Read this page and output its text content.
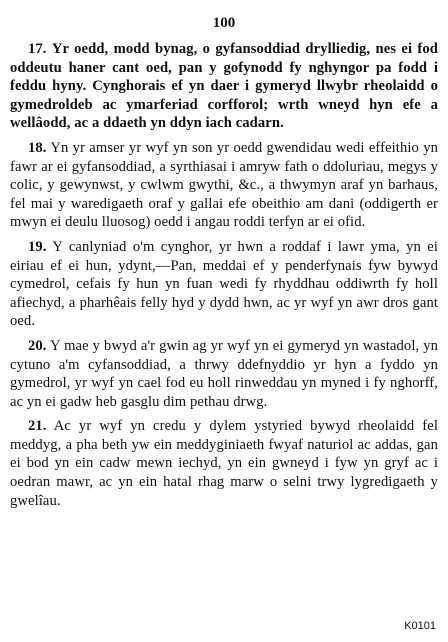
100

17. Yr oedd, modd bynag, o gyfansoddiad drylliedig, nes ei fod oddeutu haner cant oed, pan y gofynodd fy nghyngor pa fodd i feddu hyny. Cynghorais ef yn daer i gymeryd llwybr rheolaidd o gymedroldeb ac ymarferiad corfforol; wrth wneyd hyn efe a wellâodd, ac a ddaeth yn ddyn iach cadarn.

18. Yn yr amser yr wyf yn son yr oedd gwendidau wedi effeithio yn fawr ar ei gyfansoddiad, a syrthiasai i amryw fath o ddoluriau, megys y colic, y gewynwst, y cwlwm gwythi, &c., a thwymyn araf yn barhaus, fel mai y waredigaeth oraf y gallai efe obeithio am dani (oddigerth er mwyn ei deulu lluosog) oedd i angau roddi terfyn ar ei ofid.

19. Y canlyniad o'm cynghor, yr hwn a roddaf i lawr yma, yn ei eiriau ef ei hun, ydynt,—Pan, meddai ef y penderfynais fyw bywyd cymedrol, cefais fy hun yn fuan wedi fy rhyddhau oddiwrth fy holl afiechyd, a pharhêais felly hyd y dydd hwn, ac yr wyf yn awr dros gant oed.

20. Y mae y bwyd a'r gwin ag yr wyf yn ei gymeryd yn wastadol, yn cytuno a'm cyfansoddiad, a thrwy ddefnyddio yr hyn a fyddo yn gymedrol, yr wyf yn cael fod eu holl rinweddau yn myned i fy nghorff, ac yn ei gadw heb gasglu dim pethau drwg.

21. Ac yr wyf yn credu y dylem ystyried bywyd rheolaidd fel meddyg, a pha beth yw ein meddyginiaeth fwyaf naturiol ac addas, gan ei bod yn ein cadw mewn iechyd, yn ein gwneyd i fyw yn gryf ac i oedran mawr, ac yn ein hatal rhag marw o selni trwy lygredigaeth y gwelîau.

K0101
